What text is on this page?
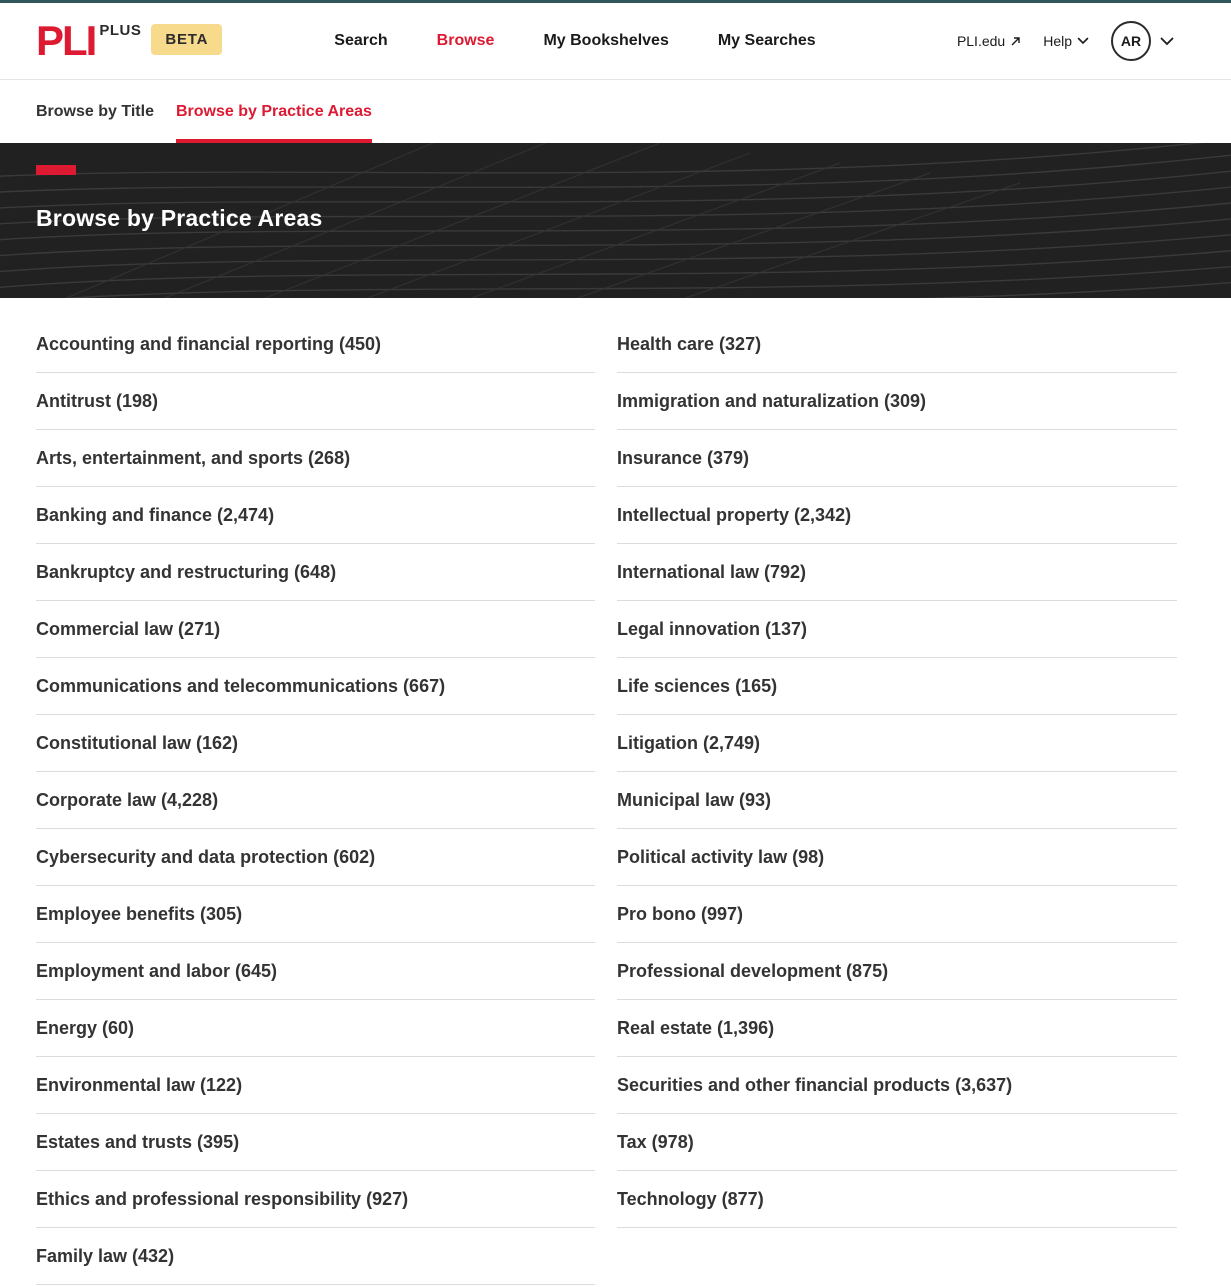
PLI PLUS
BETA	Search	Browse	My Bookshelves	My Searches	PLI.edu	Help	AR
Browse by Title Browse by Practice Areas
Browse by Practice Areas
Accounting and financial reporting (450)
Antitrust (198)
Arts, entertainment, and sports (268)
Banking and finance (2,474)
Bankruptcy and restructuring (648)
Commercial law (271)
Communications and telecommunications (667)
Constitutional law (162)
Corporate law (4,228)
Cybersecurity and data protection (602)
Employee benefits (305)
Employment and labor (645)
Energy (60)
Environmental law (122)
Estates and trusts (395)
Ethics and professional responsibility (927)
Family law (432)
Health care (327)
Immigration and naturalization (309)
Insurance (379)
Intellectual property (2,342)
International law (792)
Legal innovation (137)
Life sciences (165)
Litigation (2,749)
Municipal law (93)
Political activity law (98)
Pro bono (997)
Professional development (875)
Real estate (1,396)
Securities and other financial products (3,637)
Tax (978)
Technology (877)
